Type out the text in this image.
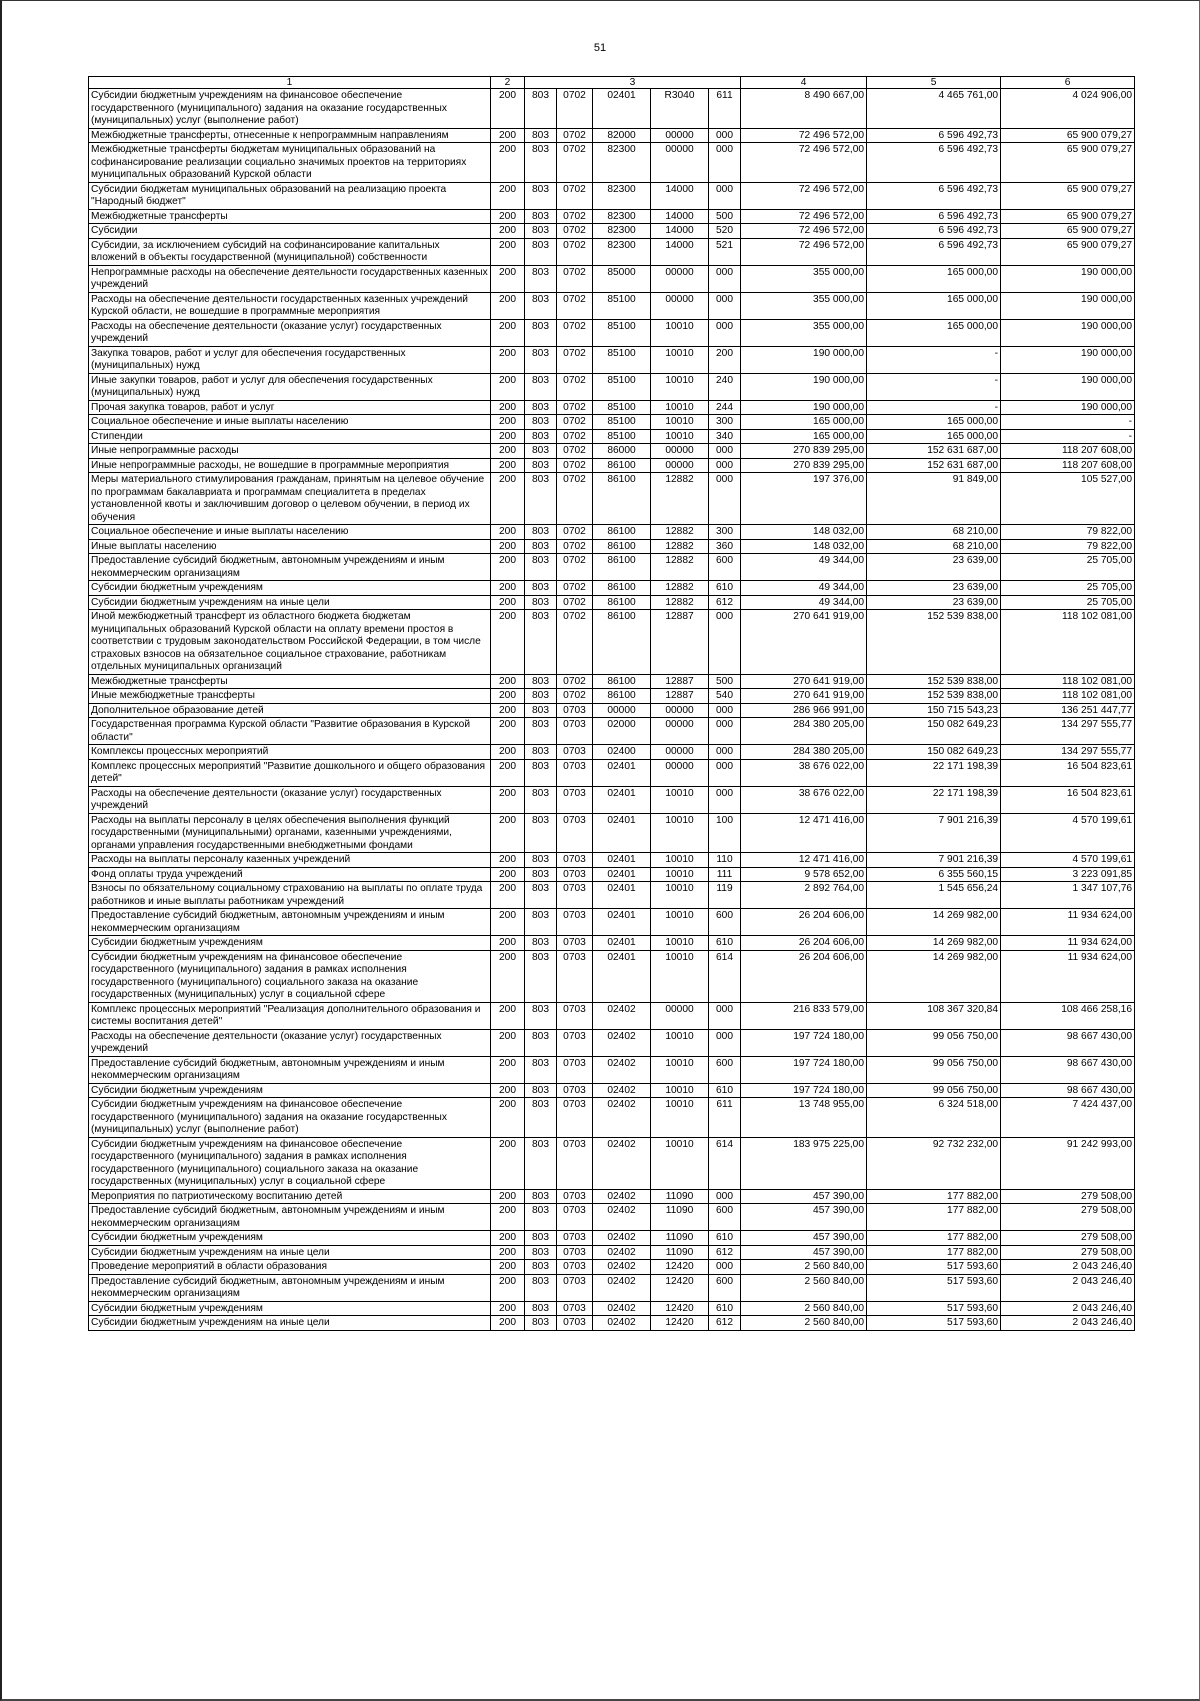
51
1	2	3					4	5	6
Субсидии бюджетным учреждениям на финансовое обеспечение государственного (муниципального) задания на оказание государственных (муниципальных) услуг (выполнение работ)	200	803	0702	02401	R3040	611	8 490 667,00	4 465 761,00	4 024 906,00
Межбюджетные трансферты, отнесенные к непрограммным направлениям	200	803	0702	82000	00000	000	72 496 572,00	6 596 492,73	65 900 079,27
Межбюджетные трансферты бюджетам муниципальных образований на софинансирование реализации социально значимых проектов на территориях муниципальных образований Курской области	200	803	0702	82300	00000	000	72 496 572,00	6 596 492,73	65 900 079,27
Субсидии бюджетам муниципальных образований на реализацию проекта "Народный бюджет"	200	803	0702	82300	14000	000	72 496 572,00	6 596 492,73	65 900 079,27
Межбюджетные трансферты	200	803	0702	82300	14000	500	72 496 572,00	6 596 492,73	65 900 079,27
Субсидии	200	803	0702	82300	14000	520	72 496 572,00	6 596 492,73	65 900 079,27
Субсидии, за исключением субсидий на софинансирование капитальных вложений в объекты государственной (муниципальной) собственности	200	803	0702	82300	14000	521	72 496 572,00	6 596 492,73	65 900 079,27
Непрограммные расходы на обеспечение деятельности государственных казенных учреждений	200	803	0702	85000	00000	000	355 000,00	165 000,00	190 000,00
Расходы на обеспечение деятельности государственных казенных учреждений Курской области, не вошедшие в программные мероприятия	200	803	0702	85100	00000	000	355 000,00	165 000,00	190 000,00
Расходы на обеспечение деятельности (оказание услуг) государственных учреждений	200	803	0702	85100	10010	000	355 000,00	165 000,00	190 000,00
Закупка товаров, работ и услуг для обеспечения государственных (муниципальных) нужд	200	803	0702	85100	10010	200	190 000,00	-	190 000,00
Иные закупки товаров, работ и услуг для обеспечения государственных (муниципальных) нужд	200	803	0702	85100	10010	240	190 000,00	-	190 000,00
Прочая закупка товаров, работ и услуг	200	803	0702	85100	10010	244	190 000,00	-	190 000,00
Социальное обеспечение и иные выплаты населению	200	803	0702	85100	10010	300	165 000,00	165 000,00	-
Стипендии	200	803	0702	85100	10010	340	165 000,00	165 000,00	-
Иные непрограммные расходы	200	803	0702	86000	00000	000	270 839 295,00	152 631 687,00	118 207 608,00
Иные непрограммные расходы, не вошедшие в программные мероприятия	200	803	0702	86100	00000	000	270 839 295,00	152 631 687,00	118 207 608,00
Меры материального стимулирования гражданам, принятым на целевое обучение по программам бакалавриата и программам специалитета в пределах установленной квоты и заключившим договор о целевом обучении, в период их обучения	200	803	0702	86100	12882	000	197 376,00	91 849,00	105 527,00
Социальное обеспечение и иные выплаты населению	200	803	0702	86100	12882	300	148 032,00	68 210,00	79 822,00
Иные выплаты населению	200	803	0702	86100	12882	360	148 032,00	68 210,00	79 822,00
Предоставление субсидий бюджетным, автономным учреждениям и иным некоммерческим организациям	200	803	0702	86100	12882	600	49 344,00	23 639,00	25 705,00
Субсидии бюджетным учреждениям	200	803	0702	86100	12882	610	49 344,00	23 639,00	25 705,00
Субсидии бюджетным учреждениям на иные цели	200	803	0702	86100	12882	612	49 344,00	23 639,00	25 705,00
Иной межбюджетный трансферт из областного бюджета бюджетам муниципальных образований Курской области на оплату времени простоя в соответствии с трудовым законодательством Российской Федерации, в том числе страховых взносов на обязательное социальное страхование, работникам отдельных муниципальных организаций	200	803	0702	86100	12887	000	270 641 919,00	152 539 838,00	118 102 081,00
Межбюджетные трансферты	200	803	0702	86100	12887	500	270 641 919,00	152 539 838,00	118 102 081,00
Иные межбюджетные трансферты	200	803	0702	86100	12887	540	270 641 919,00	152 539 838,00	118 102 081,00
Дополнительное образование детей	200	803	0703	00000	00000	000	286 966 991,00	150 715 543,23	136 251 447,77
Государственная программа Курской области "Развитие образования в Курской области"	200	803	0703	02000	00000	000	284 380 205,00	150 082 649,23	134 297 555,77
Комплексы процессных мероприятий	200	803	0703	02400	00000	000	284 380 205,00	150 082 649,23	134 297 555,77
Комплекс процессных мероприятий "Развитие дошкольного и общего образования детей"	200	803	0703	02401	00000	000	38 676 022,00	22 171 198,39	16 504 823,61
Расходы на обеспечение деятельности (оказание услуг) государственных учреждений	200	803	0703	02401	10010	000	38 676 022,00	22 171 198,39	16 504 823,61
Расходы на выплаты персоналу в целях обеспечения выполнения функций государственными (муниципальными) органами, казенными учреждениями, органами управления государственными внебюджетными фондами	200	803	0703	02401	10010	100	12 471 416,00	7 901 216,39	4 570 199,61
Расходы на выплаты персоналу казенных учреждений	200	803	0703	02401	10010	110	12 471 416,00	7 901 216,39	4 570 199,61
Фонд оплаты труда учреждений	200	803	0703	02401	10010	111	9 578 652,00	6 355 560,15	3 223 091,85
Взносы по обязательному социальному страхованию на выплаты по оплате труда работников и иные выплаты работникам учреждений	200	803	0703	02401	10010	119	2 892 764,00	1 545 656,24	1 347 107,76
Предоставление субсидий бюджетным, автономным учреждениям и иным некоммерческим организациям	200	803	0703	02401	10010	600	26 204 606,00	14 269 982,00	11 934 624,00
Субсидии бюджетным учреждениям	200	803	0703	02401	10010	610	26 204 606,00	14 269 982,00	11 934 624,00
Субсидии бюджетным учреждениям на финансовое обеспечение государственного (муниципального) задания в рамках исполнения государственного (муниципального) социального заказа на оказание государственных (муниципальных) услуг в социальной сфере	200	803	0703	02401	10010	614	26 204 606,00	14 269 982,00	11 934 624,00
Комплекс процессных мероприятий "Реализация дополнительного образования и системы воспитания детей"	200	803	0703	02402	00000	000	216 833 579,00	108 367 320,84	108 466 258,16
Расходы на обеспечение деятельности (оказание услуг) государственных учреждений	200	803	0703	02402	10010	000	197 724 180,00	99 056 750,00	98 667 430,00
Предоставление субсидий бюджетным, автономным учреждениям и иным некоммерческим организациям	200	803	0703	02402	10010	600	197 724 180,00	99 056 750,00	98 667 430,00
Субсидии бюджетным учреждениям	200	803	0703	02402	10010	610	197 724 180,00	99 056 750,00	98 667 430,00
Субсидии бюджетным учреждениям на финансовое обеспечение государственного (муниципального) задания на оказание государственных (муниципальных) услуг (выполнение работ)	200	803	0703	02402	10010	611	13 748 955,00	6 324 518,00	7 424 437,00
Субсидии бюджетным учреждениям на финансовое обеспечение государственного (муниципального) задания в рамках исполнения государственного (муниципального) социального заказа на оказание государственных (муниципальных) услуг в социальной сфере	200	803	0703	02402	10010	614	183 975 225,00	92 732 232,00	91 242 993,00
Мероприятия по патриотическому воспитанию детей	200	803	0703	02402	11090	000	457 390,00	177 882,00	279 508,00
Предоставление субсидий бюджетным, автономным учреждениям и иным некоммерческим организациям	200	803	0703	02402	11090	600	457 390,00	177 882,00	279 508,00
Субсидии бюджетным учреждениям	200	803	0703	02402	11090	610	457 390,00	177 882,00	279 508,00
Субсидии бюджетным учреждениям на иные цели	200	803	0703	02402	11090	612	457 390,00	177 882,00	279 508,00
Проведение мероприятий в области образования	200	803	0703	02402	12420	000	2 560 840,00	517 593,60	2 043 246,40
Предоставление субсидий бюджетным, автономным учреждениям и иным некоммерческим организациям	200	803	0703	02402	12420	600	2 560 840,00	517 593,60	2 043 246,40
Субсидии бюджетным учреждениям	200	803	0703	02402	12420	610	2 560 840,00	517 593,60	2 043 246,40
Субсидии бюджетным учреждениям на иные цели	200	803	0703	02402	12420	612	2 560 840,00	517 593,60	2 043 246,40
